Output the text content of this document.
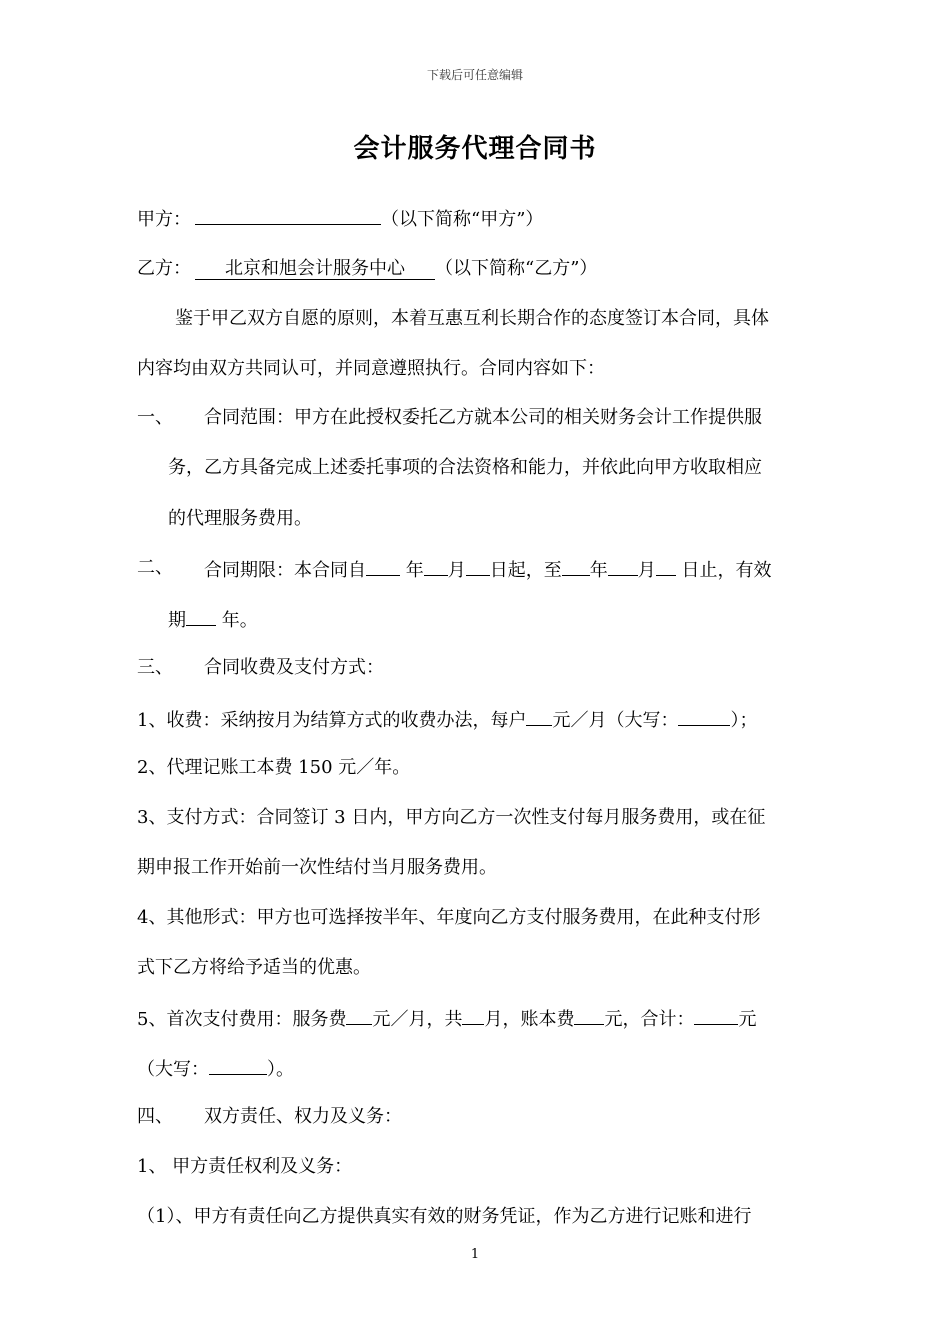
下载后可任意编辑
会计服务代理合同书
甲方：	（以下简称“甲方”）
乙方： 北京和旭会计服务中心 （以下简称“乙方”）
鉴于甲乙双方自愿的原则，本着互惠互利长期合作的态度签订本合同，具体
内容均由双方共同认可，并同意遵照执行。合同内容如下：
一、 合同范围：甲方在此授权委托乙方就本公司的相关财务会计工作提供服
务，乙方具备完成上述委托事项的合法资格和能力，并依此向甲方收取相应
的代理服务费用。
二、 合同期限：本合同自 年 月 日起，至 年 月 日止，有效
期 年。
三、 合同收费及支付方式：
1、收费：采纳按月为结算方式的收费办法，每户 元／月（大写：	）；
2、代理记账工本费 150 元／年。
3、支付方式：合同签订 3 日内，甲方向乙方一次性支付每月服务费用，或在征
期申报工作开始前一次性结付当月服务费用。
4、其他形式：甲方也可选择按半年、年度向乙方支付服务费用，在此种支付形
式下乙方将给予适当的优惠。
5、首次支付费用：服务费 元／月，共 月，账本费 元，合计： 元
（大写：	）。
四、 双方责任、权力及义务：
1、 甲方责任权利及义务：
（1）、甲方有责任向乙方提供真实有效的财务凭证，作为乙方进行记账和进行
1
